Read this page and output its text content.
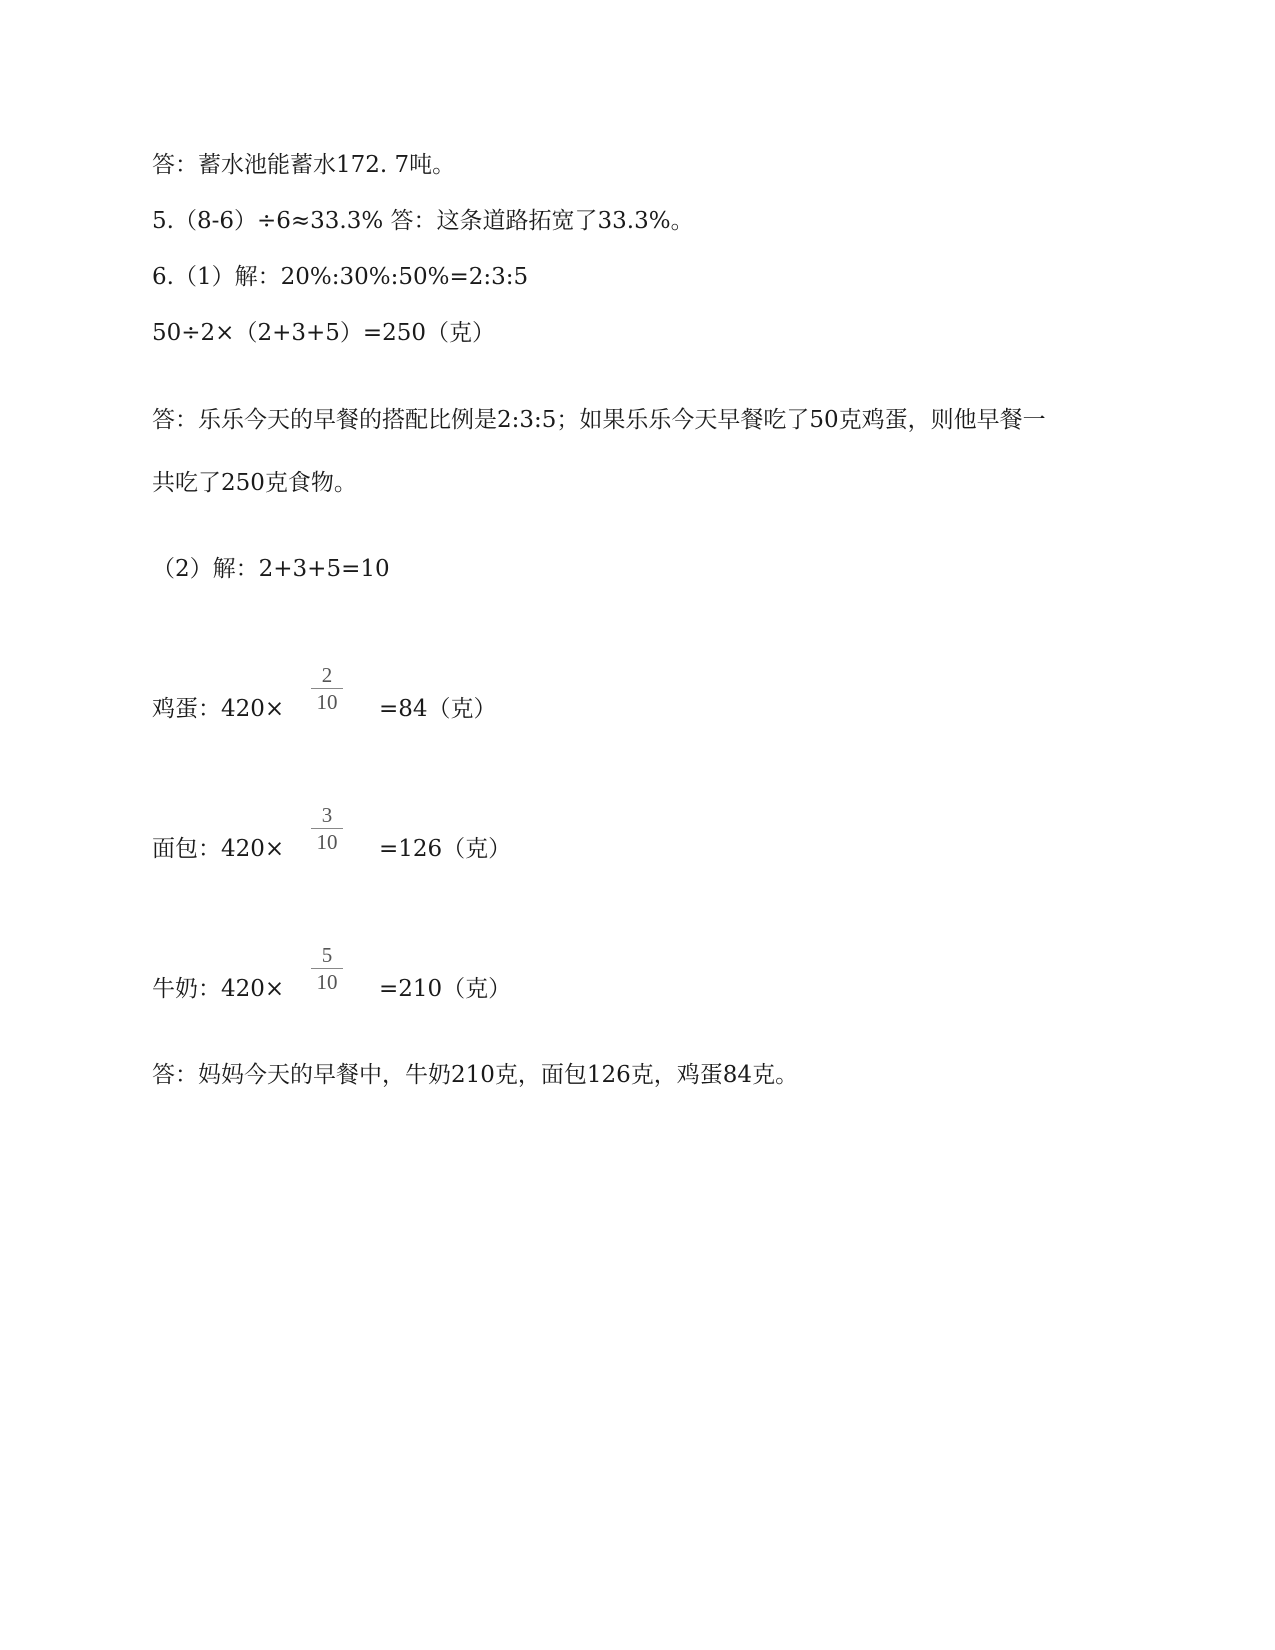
答：蓄水池能蓄水172. 7吨。
5.（8-6）÷6≈33.3% 答：这条道路拓宽了33.3%。
6.（1）解：20%:30%:50%=2:3:5
50÷2×（2+3+5）=250（克）
答：乐乐今天的早餐的搭配比例是2:3:5；如果乐乐今天早餐吃了50克鸡蛋，则他早餐一
共吃了250克食物。
（2）解：2+3+5=10
鸡蛋：420×
2
10	=84（克）
面包：420×
3
10	=126（克）
牛奶：420×
5
10	=210（克）
答：妈妈今天的早餐中，牛奶210克，面包126克，鸡蛋84克。
